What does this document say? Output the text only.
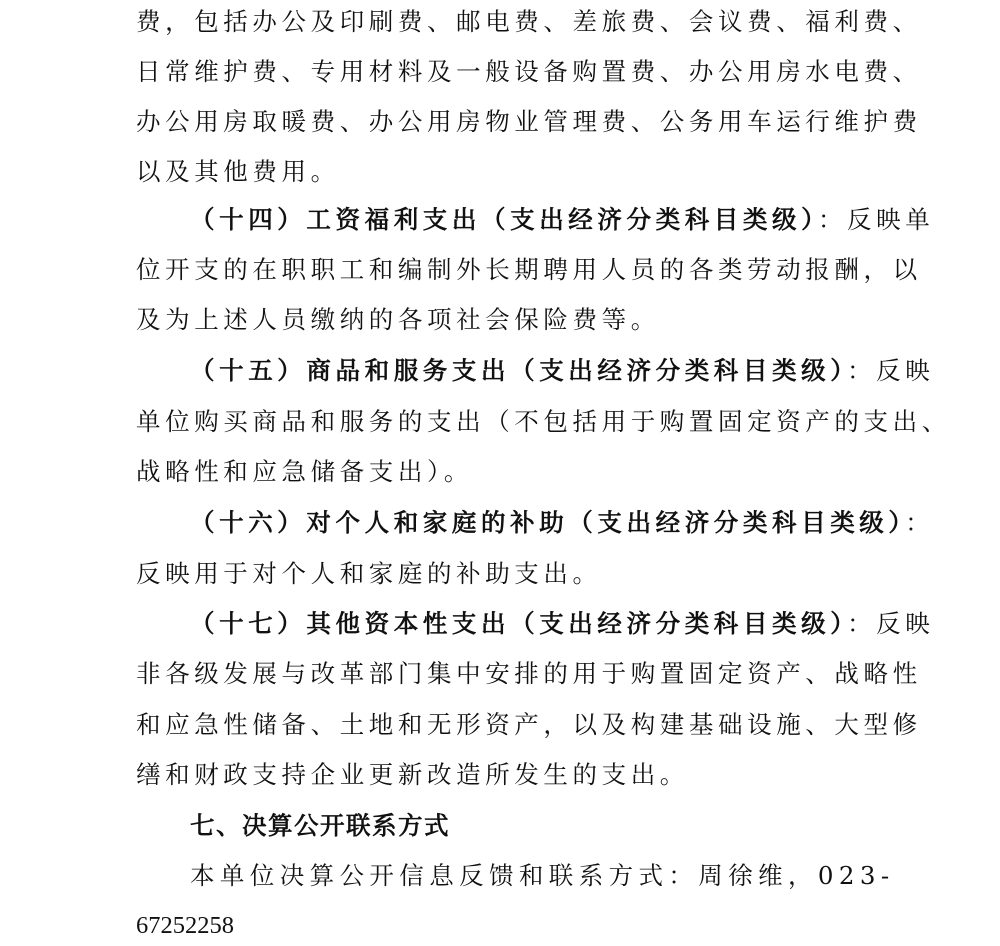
费，包括办公及印刷费、邮电费、差旅费、会议费、福利费、
日常维护费、专用材料及一般设备购置费、办公用房水电费、
办公用房取暖费、办公用房物业管理费、公务用车运行维护费
以及其他费用。
（十四）工资福利支出（支出经济分类科目类级）：反映单
位开支的在职职工和编制外长期聘用人员的各类劳动报酬，以
及为上述人员缴纳的各项社会保险费等。
（十五）商品和服务支出（支出经济分类科目类级）：反映
单位购买商品和服务的支出（不包括用于购置固定资产的支出、
战略性和应急储备支出）。
（十六）对个人和家庭的补助（支出经济分类科目类级）：
反映用于对个人和家庭的补助支出。
（十七）其他资本性支出（支出经济分类科目类级）：反映
非各级发展与改革部门集中安排的用于购置固定资产、战略性
和应急性储备、土地和无形资产，以及构建基础设施、大型修
缮和财政支持企业更新改造所发生的支出。
七、决算公开联系方式
本单位决算公开信息反馈和联系方式：周徐维，023-
67252258
